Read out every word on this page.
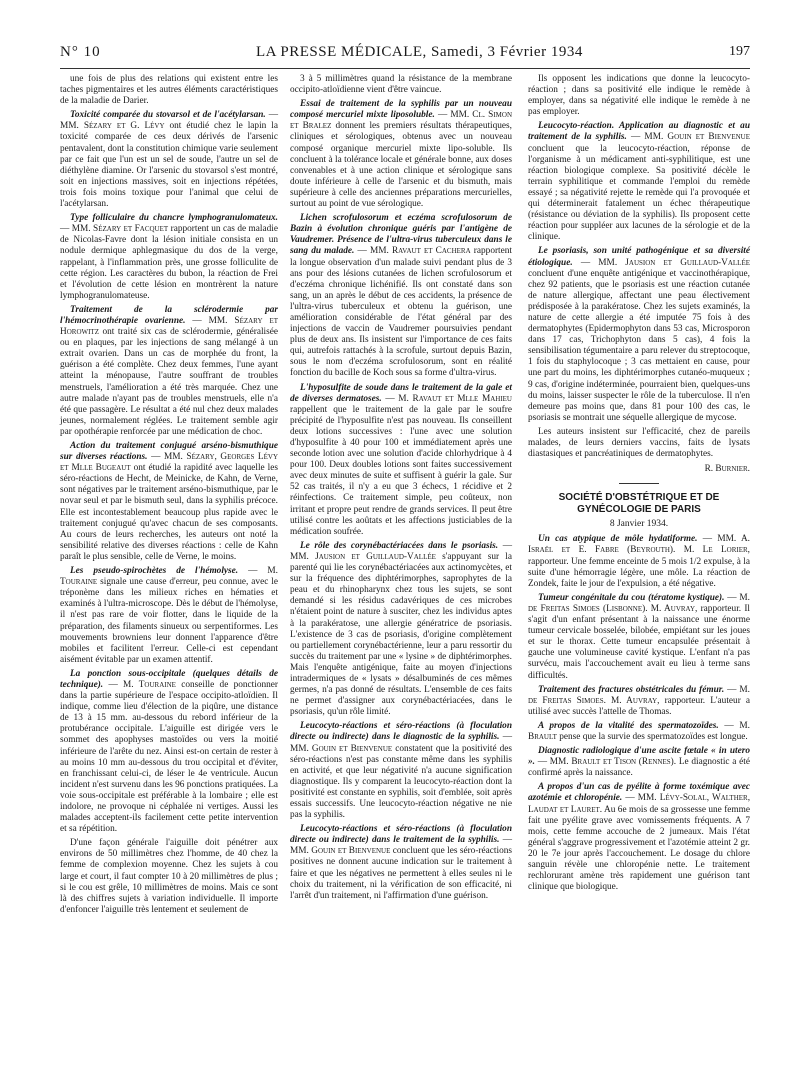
N° 10	LA PRESSE MÉDICALE, Samedi, 3 Février 1934	197

une fois de plus des relations qui existent entre les taches pigmentaires et les autres éléments caractéristiques de la maladie de Darier.

Toxicité comparée du stovarsol et de l'acétylarsan. — MM. Sézary et G. Lévy ont étudié chez le lapin la toxicité comparée de ces deux dérivés de l'arsenic pentavalent, dont la constitution chimique varie seulement par ce fait que l'un est un sel de soude, l'autre un sel de diéthylène diamine. Or l'arsenic du stovarsol s'est montré, soit en injections massives, soit en injections répétées, trois fois moins toxique pour l'animal que celui de l'acétylarsan.

Type folliculaire du chancre lymphogranulomateux. — MM. Sézary et Facquet rapportent un cas de maladie de Nicolas-Favre dont la lésion initiale consista en un nodule dermique aphlegmasique du dos de la verge, rappelant, à l'inflammation près, une grosse folliculite de cette région. Les caractères du bubon, la réaction de Frei et l'évolution de cette lésion en montrèrent la nature lymphogranulomateuse.

Traitement de la sclérodermie par l'hémocrinothérapie ovarienne. — MM. Sézary et Horowitz ont traité six cas de sclérodermie, généralisée ou en plaques, par les injections de sang mélangé à un extrait ovarien. Dans un cas de morphée du front, la guérison a été complète. Chez deux femmes, l'une ayant atteint la ménopause, l'autre souffrant de troubles menstruels, l'amélioration a été très marquée. Chez une autre malade n'ayant pas de troubles menstruels, elle n'a été que passagère. Le résultat a été nul chez deux malades jeunes, normalement réglées. Le traitement semble agir par opothérapie renforcée par une médication de choc.

Action du traitement conjugué arséno-bismuthique sur diverses réactions. — MM. Sézary, Georges Lévy et Mlle Bugeaut ont étudié la rapidité avec laquelle les séro-réactions de Hecht, de Meinicke, de Kahn, de Verne, sont négatives par le traitement arséno-bismuthique, par le novar seul et par le bismuth seul, dans la syphilis précoce. Elle est incontestablement beaucoup plus rapide avec le traitement conjugué qu'avec chacun de ses composants. Au cours de leurs recherches, les auteurs ont noté la sensibilité relative des diverses réactions : celle de Kahn paraît le plus sensible, celle de Verne, le moins.

Les pseudo-spirochètes de l'hémolyse. — M. Touraine signale une cause d'erreur, peu connue, avec le tréponème dans les milieux riches en hématies et examinés à l'ultra-microscope. Dès le début de l'hémolyse, il n'est pas rare de voir flotter, dans le liquide de la préparation, des filaments sinueux ou serpentiformes. Les mouvements browniens leur donnent l'apparence d'être mobiles et facilitent l'erreur. Celle-ci est cependant aisément évitable par un examen attentif.

La ponction sous-occipitale (quelques détails de technique). — M. Touraine conseille de ponctionner dans la partie supérieure de l'espace occipito-atloïdien. Il indique, comme lieu d'élection de la piqûre, une distance de 13 à 15 mm. au-dessous du rebord inférieur de la protubérance occipitale. L'aiguille est dirigée vers le sommet des apophyses mastoïdes ou vers la moitié inférieure de l'arête du nez. Ainsi est-on certain de rester à au moins 10 mm au-dessous du trou occipital et d'éviter, en franchissant celui-ci, de léser le 4e ventricule. Aucun incident n'est survenu dans les 96 ponctions pratiquées. La voie sous-occipitale est préférable à la lombaire ; elle est indolore, ne provoque ni céphalée ni vertiges. Aussi les malades acceptent-ils facilement cette petite intervention et sa répétition.

D'une façon générale l'aiguille doit pénétrer aux environs de 50 millimètres chez l'homme, de 40 chez la femme de complexion moyenne. Chez les sujets à cou large et court, il faut compter 10 à 20 millimètres de plus ; si le cou est grêle, 10 millimètres de moins. Mais ce sont là des chiffres sujets à variation individuelle. Il importe d'enfoncer l'aiguille très lentement et seulement de

3 à 5 millimètres quand la résistance de la membrane occipito-atloïdienne vient d'être vaincue.

Essai de traitement de la syphilis par un nouveau composé mercuriel mixte liposoluble. — MM. Cl. Simon et Bralez donnent les premiers résultats thérapeutiques, cliniques et sérologiques, obtenus avec un nouveau composé organique mercuriel mixte lipo-soluble. Ils concluent à la tolérance locale et générale bonne, aux doses convenables et à une action clinique et sérologique sans doute inférieure à celle de l'arsenic et du bismuth, mais supérieure à celle des anciennes préparations mercurielles, surtout au point de vue sérologique.

Lichen scrofulosorum et eczéma scrofulosorum de Bazin à évolution chronique guéris par l'antigène de Vaudremer. Présence de l'ultra-virus tuberculeux dans le sang du malade. — MM. Ravaut et Cachera rapportent la longue observation d'un malade suivi pendant plus de 3 ans pour des lésions cutanées de lichen scrofulosorum et d'eczéma chronique lichénifié. Ils ont constaté dans son sang, un an après le début de ces accidents, la présence de l'ultra-virus tuberculeux et obtenu la guérison, une amélioration considérable de l'état général par des injections de vaccin de Vaudremer poursuivies pendant plus de deux ans. Ils insistent sur l'importance de ces faits qui, autrefois rattachés à la scrofule, surtout depuis Bazin, sous le nom d'eczéma scrofulosorum, sont en réalité fonction du bacille de Koch sous sa forme d'ultra-virus.

L'hyposulfite de soude dans le traitement de la gale et de diverses dermatoses. — M. Ravaut et Mlle Mahieu rappellent que le traitement de la gale par le soufre précipité de l'hyposulfite n'est pas nouveau. Ils conseillent deux lotions successives : l'une avec une solution d'hyposulfite à 40 pour 100 et immédiatement après une seconde lotion avec une solution d'acide chlorhydrique à 4 pour 100. Deux doubles lotions sont faites successivement avec deux minutes de suite et suffisent à guérir la gale. Sur 52 cas traités, il n'y a eu que 3 échecs, 1 récidive et 2 réinfections. Ce traitement simple, peu coûteux, non irritant et propre peut rendre de grands services. Il peut être utilisé contre les aoûtats et les affections justiciables de la médication soufrée.

Le rôle des corynébactériacées dans le psoriasis. — MM. Jausion et Guillaud-Vallée s'appuyant sur la parenté qui lie les corynébactériacées aux actinomycètes, et sur la fréquence des diphtérimorphes, saprophytes de la peau et du rhinopharynx chez tous les sujets, se sont demandé si les résidus cadavériques de ces microbes n'étaient point de nature à susciter, chez les individus aptes à la parakératose, une allergie génératrice de psoriasis. L'existence de 3 cas de psoriasis, d'origine complètement ou partiellement corynébactérienne, leur a paru ressortir du succès du traitement par une « lysine » de diphtérimorphes. Mais l'enquête antigénique, faite au moyen d'injections intradermiques de « lysats » désalbuminés de ces mêmes germes, n'a pas donné de résultats. L'ensemble de ces faits ne permet d'assigner aux corynébactériacées, dans le psoriasis, qu'un rôle limité.

Leucocyto-réactions et séro-réactions (à floculation directe ou indirecte) dans le diagnostic de la syphilis. — MM. Gouin et Bienvenue constatent que la positivité des séro-réactions n'est pas constante même dans les syphilis en activité, et que leur négativité n'a aucune signification diagnostique. Ils y comparent la leucocyto-réaction dont la positivité est constante en syphilis, soit d'emblée, soit après essais successifs. Une leucocyto-réaction négative ne nie pas la syphilis.

Leucocyto-réactions et séro-réactions (à floculation directe ou indirecte) dans le traitement de la syphilis. — MM. Gouin et Bienvenue concluent que les séro-réactions positives ne donnent aucune indication sur le traitement à faire et que les négatives ne permettent à elles seules ni le choix du traitement, ni la vérification de son efficacité, ni l'arrêt d'un traitement, ni l'affirmation d'une guérison.

Ils opposent les indications que donne la leucocyto-réaction ; dans sa positivité elle indique le remède à employer, dans sa négativité elle indique le remède à ne pas employer.

Leucocyto-réaction. Application au diagnostic et au traitement de la syphilis. — MM. Gouin et Bienvenue concluent que la leucocyto-réaction, réponse de l'organisme à un médicament anti-syphilitique, est une réaction biologique complexe. Sa positivité décèle le terrain syphilitique et commande l'emploi du remède essayé ; sa négativité rejette le remède qui l'a provoquée et qui déterminerait fatalement un échec thérapeutique (résistance ou déviation de la syphilis). Ils proposent cette réaction pour suppléer aux lacunes de la sérologie et de la clinique.

Le psoriasis, son unité pathogénique et sa diversité étiologique. — MM. Jausion et Guillaud-Vallée concluent d'une enquête antigénique et vaccinothérapique, chez 92 patients, que le psoriasis est une réaction cutanée de nature allergique, affectant une peau électivement prédisposée à la parakératose. Chez les sujets examinés, la nature de cette allergie a été imputée 75 fois à des dermatophytes (Epidermophyton dans 53 cas, Microsporon dans 17 cas, Trichophyton dans 5 cas), 4 fois la sensibilisation tégumentaire a paru relever du streptocoque, 1 fois du staphylocoque ; 3 cas mettaient en cause, pour une part du moins, les diphtérimorphes cutanéo-muqueux ; 9 cas, d'origine indéterminée, pourraient bien, quelques-uns du moins, laisser suspecter le rôle de la tuberculose. Il n'en demeure pas moins que, dans 81 pour 100 des cas, le psoriasis se montrait une séquelle allergique de mycose.

Les auteurs insistent sur l'efficacité, chez de pareils malades, de leurs derniers vaccins, faits de lysats diastasiques et pancréatiniques de dermatophytes.

R. Burnier.
SOCIÉTÉ D'OBSTÉTRIQUE ET DE GYNÉCOLOGIE DE PARIS
8 Janvier 1934.

Un cas atypique de môle hydatiforme. — MM. A. Israël et E. Fabre (Beyrouth). M. Le Lorier, rapporteur. Une femme enceinte de 5 mois 1/2 expulse, à la suite d'une hémorragie légère, une môle. La réaction de Zondek, faite le jour de l'expulsion, a été négative.

Tumeur congénitale du cou (tératome kystique). — M. de Freitas Simoes (Lisbonne). M. Auvray, rapporteur. Il s'agit d'un enfant présentant à la naissance une énorme tumeur cervicale bosselée, bilobée, empiétant sur les joues et sur le thorax. Cette tumeur encapsulée présentait à gauche une volumineuse cavité kystique. L'enfant n'a pas survécu, mais l'accouchement avait eu lieu à terme sans difficultés.

Traitement des fractures obstétricales du fémur. — M. de Freitas Simoes. M. Auvray, rapporteur. L'auteur a utilisé avec succès l'attelle de Thomas.

A propos de la vitalité des spermatozoïdes. — M. Brault pense que la survie des spermatozoïdes est longue.

Diagnostic radiologique d'une ascite fœtale « in utero ». — MM. Brault et Tison (Rennes). Le diagnostic a été confirmé après la naissance.

A propos d'un cas de pyélite à forme toxémique avec azotémie et chloropénie. — MM. Lévy-Solal, Walther, Laudat et Lauret. Au 6e mois de sa grossesse une femme fait une pyélite grave avec vomissements fréquents. A 7 mois, cette femme accouche de 2 jumeaux. Mais l'état général s'aggrave progressivement et l'azotémie atteint 2 gr. 20 le 7e jour après l'accouchement. Le dosage du chlore sanguin révèle une chloropénie nette. Le traitement rechlorurant amène très rapidement une guérison tant clinique que biologique.
